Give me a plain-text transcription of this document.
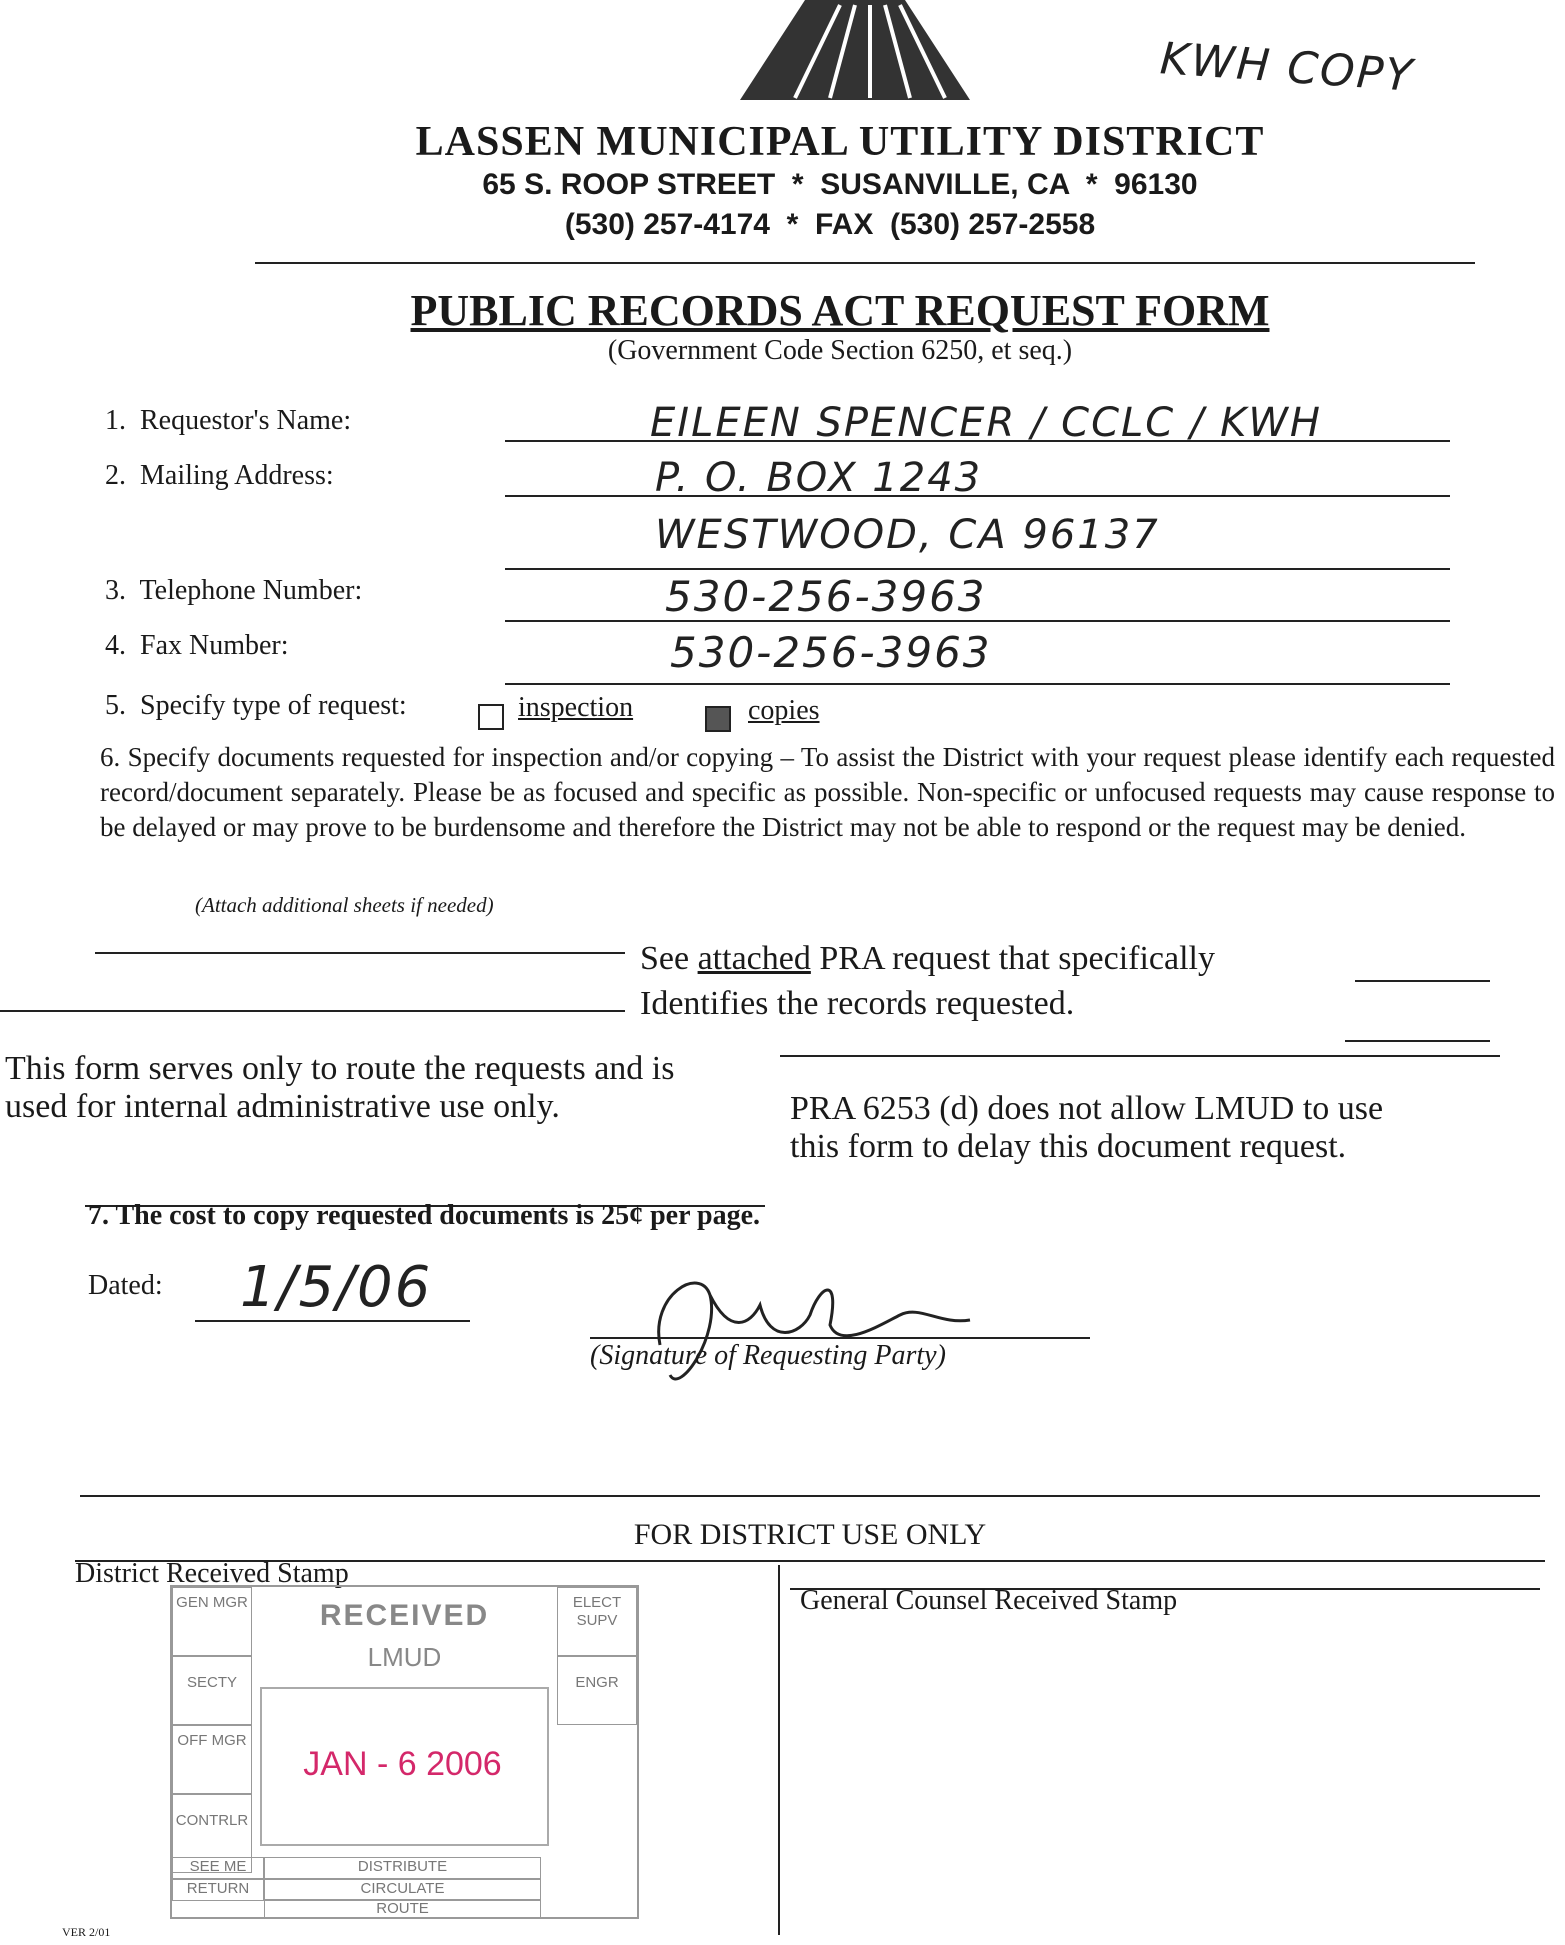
KWH COPY
LASSEN MUNICIPAL UTILITY DISTRICT
65 S. ROOP STREET  *  SUSANVILLE, CA  *  96130
(530) 257-4174  *  FAX  (530) 257-2558
PUBLIC RECORDS ACT REQUEST FORM
(Government Code Section 6250, et seq.)
1.  Requestor's Name:	EILEEN SPENCER / CCLC / KWH
2.  Mailing Address:	P. O. BOX 1243
WESTWOOD, CA 96137
3.  Telephone Number:	530-256-3963
4.  Fax Number:	530-256-3963
5.  Specify type of request:	inspection	copies
6. Specify documents requested for inspection and/or copying – To assist the District with your request please identify each requested record/document separately. Please be as focused and specific as possible. Non-specific or unfocused requests may cause response to be delayed or may prove to be burdensome and therefore the District may not be able to respond or the request may be denied.
(Attach additional sheets if needed)
See attached PRA request that specifically
Identifies the records requested.
This form serves only to route the requests and is used for internal administrative use only.	PRA 6253 (d) does not allow LMUD to use this form to delay this document request.
7. The cost to copy requested documents is 25¢ per page.
Dated: 1/5/06
(Signature of Requesting Party)
FOR DISTRICT USE ONLY
District Received Stamp
General Counsel Received Stamp
GEN MGR
SECTY
OFF MGR
CONTRLR
ELECT SUPV
ENGR
RECEIVED
LMUD
JAN - 6 2006
SEE ME	DISTRIBUTE
RETURN	CIRCULATE
ROUTE
VER 2/01
